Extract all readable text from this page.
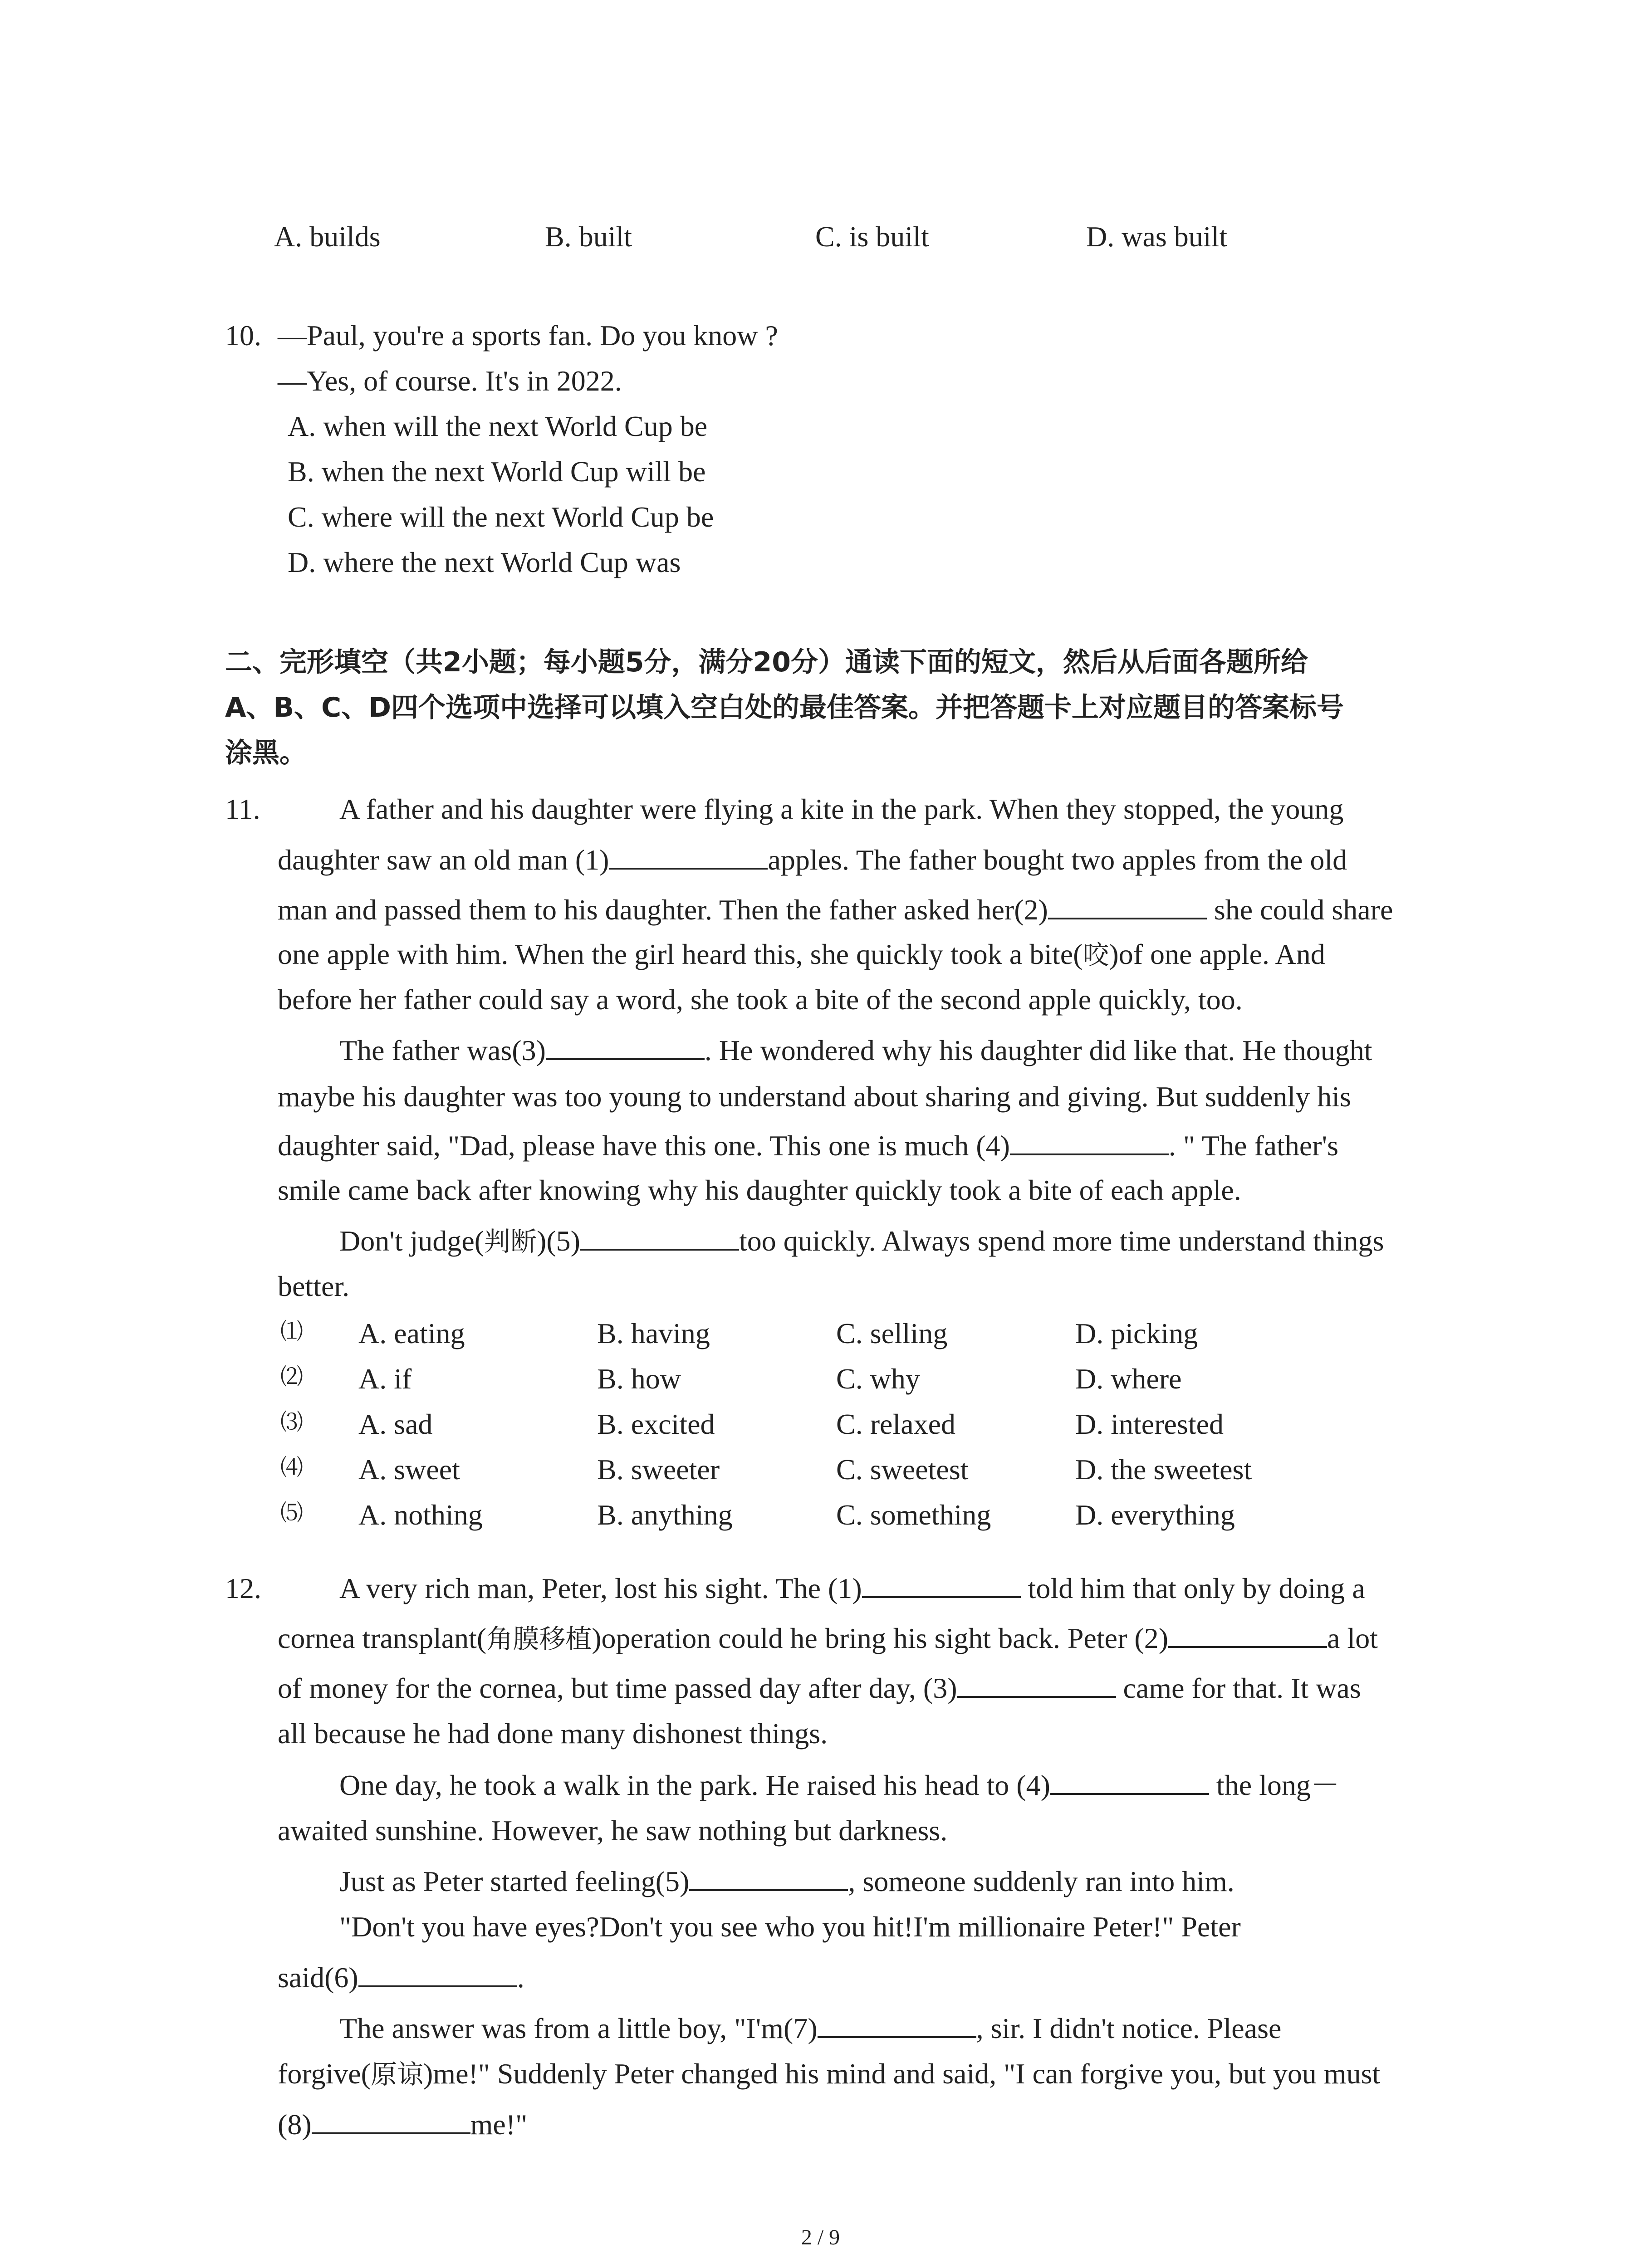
A. builds	B. built	C. is built	D. was built
10. —Paul, you're a sports fan. Do you know ?
—Yes, of course. It's in 2022.
A. when will the next World Cup be
B. when the next World Cup will be
C. where will the next World Cup be
D. where the next World Cup was
二、完形填空（共2小题；每小题5分，满分20分）通读下面的短文，然后从后面各题所给
A、B、C、D四个选项中选择可以填入空白处的最佳答案。并把答题卡上对应题目的答案标号
涂黑。
11.	A father and his daughter were flying a kite in the park. When they stopped, the young
daughter saw an old man (1)	apples. The father bought two apples from the old
man and passed them to his daughter. Then the father asked her(2)	she could share
one apple with him. When the girl heard this, she quickly took a bite(咬)of one apple. And
before her father could say a word, she took a bite of the second apple quickly, too.
The father was(3)	. He wondered why his daughter did like that. He thought
maybe his daughter was too young to understand about sharing and giving. But suddenly his
daughter said, "Dad, please have this one. This one is much (4)	. " The father's
smile came back after knowing why his daughter quickly took a bite of each apple.
Don't judge(判断)(5)	too quickly. Always spend more time understand things
better.
⑴ A. eating	B. having	C. selling	D. picking
⑵ A. if	B. how	C. why	D. where
⑶ A. sad	B. excited	C. relaxed	D. interested
⑷ A. sweet	B. sweeter	C. sweetest	D. the sweetest
⑸ A. nothing	B. anything	C. something	D. everything
12.	A very rich man, Peter, lost his sight. The (1)	told him that only by doing a
cornea transplant(角膜移植)operation could he bring his sight back. Peter (2)	a lot
of money for the cornea, but time passed day after day, (3)	came for that. It was
all because he had done many dishonest things.
One day, he took a walk in the park. He raised his head to (4)	the long－
awaited sunshine. However, he saw nothing but darkness.
Just as Peter started feeling(5)	, someone suddenly ran into him.
"Don't you have eyes?Don't you see who you hit!I'm millionaire Peter!" Peter
said(6)	.
The answer was from a little boy, "I'm(7)	, sir. I didn't notice. Please
forgive(原谅)me!" Suddenly Peter changed his mind and said, "I can forgive you, but you must
(8)	me!"
2 / 9
